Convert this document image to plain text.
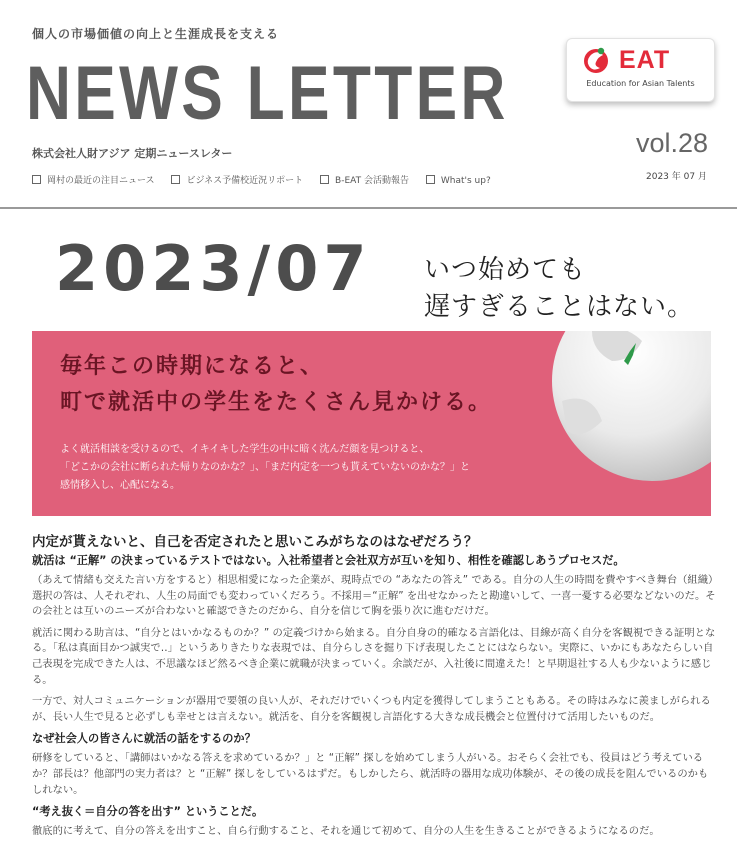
個人の市場価値の向上と生涯成長を支える
NEWS LETTER
株式会社人財アジア 定期ニュースレター
EAT
Education for Asian Talents
vol.28
2023 年 07 月
岡村の最近の注目ニュース	ビジネス予備校近況リポート	B-EAT 会活動報告	What's up?
2023/07 いつ始めても
遅すぎることはない。
毎年この時期になると、
町で就活中の学生をたくさん見かける。
よく就活相談を受けるので、イキイキした学生の中に暗く沈んだ顔を見つけると、
「どこかの会社に断られた帰りなのかな？」、「まだ内定を一つも貰えていないのかな？」と
感情移入し、心配になる。
内定が貰えないと、自己を否定されたと思いこみがちなのはなぜだろう？
就活は “正解” の決まっているテストではない。入社希望者と会社双方が互いを知り、相性を確認しあうプロセスだ。

（あえて情緒も交えた言い方をすると）相思相愛になった企業が、現時点での “あなたの答え” である。自分の人生の時間を費やすべき舞台（組織）選択の答は、人それぞれ、人生の局面でも変わっていくだろう。不採用＝“正解” を出せなかったと勘違いして、一喜一憂する必要などないのだ。その会社とは互いのニーズが合わないと確認できたのだから、自分を信じて胸を張り次に進むだけだ。

就活に関わる助言は、“自分とはいかなるものか？” の定義づけから始まる。自分自身の的確なる言語化は、目線が高く自分を客観視できる証明となる。「私は真面目かつ誠実で‥」というありきたりな表現では、自分らしさを掘り下げ表現したことにはならない。実際に、いかにもあなたらしい自己表現を完成できた人は、不思議なほど然るべき企業に就職が決まっていく。余談だが、入社後に間違えた！と早期退社する人も少ないように感じる。

一方で、対人コミュニケーションが器用で要領の良い人が、それだけでいくつも内定を獲得してしまうこともある。その時はみなに羨ましがられるが、長い人生で見ると必ずしも幸せとは言えない。就活を、自分を客観視し言語化する大きな成長機会と位置付けて活用したいものだ。

なぜ社会人の皆さんに就活の話をするのか？

研修をしていると、「講師はいかなる答えを求めているか？」と “正解” 探しを始めてしまう人がいる。おそらく会社でも、役員はどう考えているか？部長は？他部門の実力者は？と “正解” 探しをしているはずだ。もしかしたら、就活時の器用な成功体験が、その後の成長を阻んでいるのかもしれない。

“考え抜く＝自分の答を出す” ということだ。

徹底的に考えて、自分の答えを出すこと、自ら行動すること、それを通じて初めて、自分の人生を生きることができるようになるのだ。
